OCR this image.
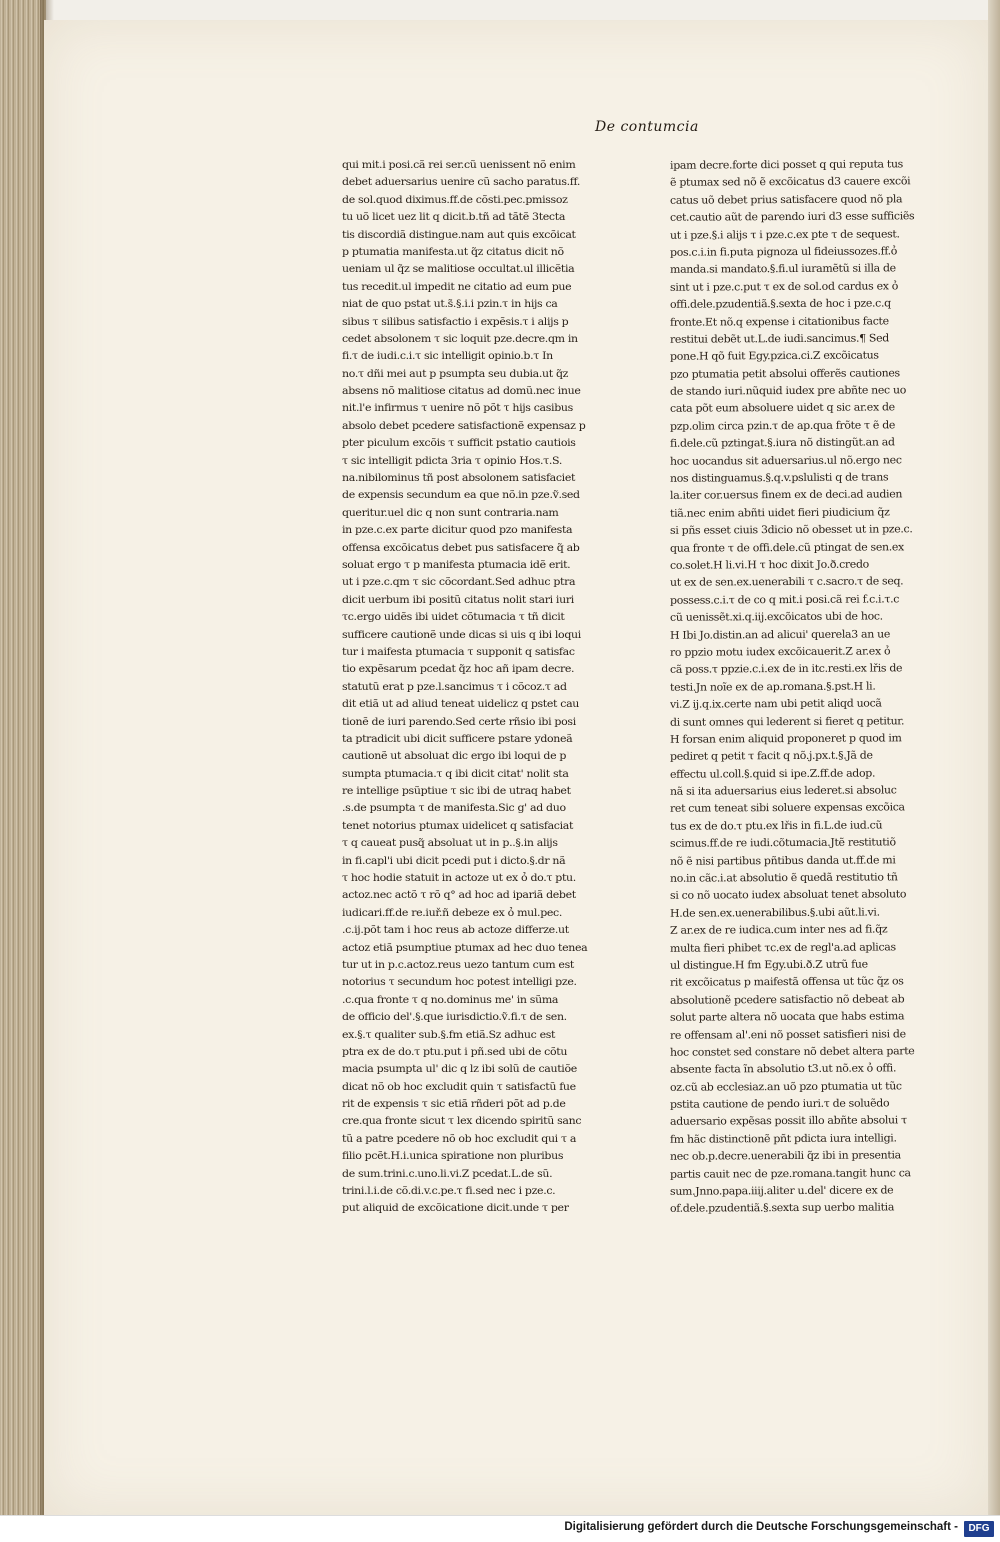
De contumcia
qui mit.i posi.cã rei ser.cũ uenissent nõ enim
debet aduersarius uenire cũ sacho paratus.ff.
de sol.quod diximus.ff.de cõsti.pec.pmissoz
tu uõ licet uez lit q dicit.b.tñ ad tãtẽ 3tecta
tis discordiã distingue.nam aut quis excõicat
p ptumatia manifesta.ut q̃z citatus dicit nõ
ueniam ul q̃z se malitiose occultat.ul illicẽtia
tus recedit.ul impedit ne citatio ad eum pue
niat de quo pstat ut.s̃.§.i.i pzin.τ in hijs ca
sibus τ silibus satisfactio i expẽsis.τ i alijs p
cedet absolonem τ sic loquit pze.decre.qm in
fi.τ de iudi.c.i.τ sic intelligit opinio.b.τ In
no.τ dñi mei aut p psumpta seu dubia.ut q̃z
absens nõ malitiose citatus ad domũ.nec inue
nit.l'e infirmus τ uenire nõ põt τ hijs casibus
absolo debet pcedere satisfactionẽ expensaz p
pter piculum excõis τ sufficit pstatio cautiois
τ sic intelligit pdicta 3ria τ opinio Hos.τ.S.
na.nibilominus tñ post absolonem satisfaciet
de expensis secundum ea que nõ.in pze.ṽ.sed
queritur.uel dic q non sunt contraria.nam
in pze.c.ex parte dicitur quod pzo manifesta
offensa excõicatus debet pus satisfacere q̃ ab
soluat ergo τ p manifesta ptumacia idẽ erit.
ut i pze.c.qm τ sic cõcordant.Sed adhuc ptra
dicit uerbum ibi positũ citatus nolit stari iuri
τc.ergo uidẽs ibi uidet cõtumacia τ tñ dicit
sufficere cautionẽ unde dicas si uis q ibi loqui
tur i maifesta ptumacia τ supponit q satisfac
tio expẽsarum pcedat q̃z hoc añ ipam decre.
statutũ erat p pze.l.sancimus τ i cõcoz.τ ad
dit etiã ut ad aliud teneat uidelicz q pstet cau
tionẽ de iuri parendo.Sed certe rñsio ibi posi
ta ptradicit ubi dicit sufficere pstare ydoneã
cautionẽ ut absoluat dic ergo ibi loqui de p
sumpta ptumacia.τ q ibi dicit citat' nolit sta
re intellige psũptiue τ sic ibi de utraq habet
.s.de psumpta τ de manifesta.Sic g' ad duo
tenet notorius ptumax uidelicet q satisfaciat
τ q caueat pusq̃ absoluat ut in p..§.in alijs
in fi.capl'i ubi dicit pcedi put i dicto.§.dr nã
τ hoc hodie statuit in actoze ut ex ỏ do.τ ptu.
actoz.nec actõ τ rõ q° ad hoc ad ipariã debet
iudicari.ff.de re.iuř.ñ debeze ex ỏ mul.pec.
.c.ij.põt tam i hoc reus ab actoze differze.ut
actoz etiã psumptiue ptumax ad hec duo tenea
tur ut in p.c.actoz.reus uezo tantum cum est
notorius τ secundum hoc potest intelligi pze.
.c.qua fronte τ q no.dominus me' in sũma
de officio del'.§.que iurisdictio.ṽ.fi.τ de sen.
ex.§.τ qualiter sub.§.fm etiã.Sz adhuc est
ptra ex de do.τ ptu.put i pñ.sed ubi de cõtu
macia psumpta ul' dic q lz ibi solũ de cautiõe
dicat nõ ob hoc excludit quin τ satisfactũ fue
rit de expensis τ sic etiã rñderi põt ad p.de
cre.qua fronte sicut τ lex dicendo spiritũ sanc
tũ a patre pcedere nõ ob hoc excludit qui τ a
filio pcẽt.H.i.unica spiratione non pluribus
de sum.trini.c.uno.li.vi.Z pcedat.L.de sũ.
trini.l.i.de cõ.di.v.c.pe.τ fi.sed nec i pze.c.
put aliquid de excõicatione dicit.unde τ per
ipam decre.forte dici posset q qui reputa tus
ẽ ptumax sed nõ ẽ excõicatus d3 cauere excõi
catus uõ debet prius satisfacere quod nõ pla
cet.cautio aũt de parendo iuri d3 esse sufficiẽs
ut i pze.§.i alijs τ i pze.c.ex pte τ de sequest.
pos.c.i.in fi.puta pignoza ul fideiussozes.ff.ỏ
manda.si mandato.§.fi.ul iuramẽtũ si illa de
sint ut i pze.c.put τ ex de sol.od cardus ex ỏ
offi.dele.pzudentiã.§.sexta de hoc i pze.c.q
fronte.Et nõ.q expense i citationibus facte
restitui debẽt ut.L.de iudi.sancimus.¶ Sed
pone.H qõ fuit Egy.pzica.ci.Z excõicatus
pzo ptumatia petit absolui offerẽs cautiones
de stando iuri.nũquid iudex pre abñte nec uo
cata põt eum absoluere uidet q sic ar.ex de
pzp.olim circa pzin.τ de ap.qua frõte τ ẽ de
fi.dele.cũ pztingat.§.iura nõ distingũt.an ad
hoc uocandus sit aduersarius.ul nõ.ergo nec
nos distinguamus.§.q.v.pslulisti q de trans
la.iter cor.uersus finem ex de deci.ad audien
tiã.nec enim abñti uidet fieri piudicium q̃z
si pñs esset ciuis 3dicio nõ obesset ut in pze.c.
qua fronte τ de offi.dele.cũ ptingat de sen.ex
co.solet.H li.vi.H τ hoc dixit Jo.ð.credo
ut ex de sen.ex.uenerabili τ c.sacro.τ de seq.
possess.c.i.τ de co q mit.i posi.cã rei f.c.i.τ.c
cũ uenissẽt.xi.q.iij.excõicatos ubi de hoc.
H Ibi Jo.distin.an ad alicui' querela3 an ue
ro ppzio motu iudex excõicauerit.Z ar.ex ỏ
cã poss.τ ppzie.c.i.ex de in itc.resti.ex lřis de
testi.Jn noĩe ex de ap.romana.§.pst.H li.
vi.Z ij.q.ix.certe nam ubi petit aliqd uocã
di sunt omnes qui lederent si fieret q petitur.
H forsan enim aliquid proponeret p quod im
pediret q petit τ facit q nõ.j.px.t.§.Jã de
effectu ul.coll.§.quid si ipe.Z.ff.de adop.
nã si ita aduersarius eius lederet.si absoluc
ret cum teneat sibi soluere expensas excõica
tus ex de do.τ ptu.ex lřis in fi.L.de iud.cũ
scimus.ff.de re iudi.cõtumacia.Jtẽ restitutiõ
nõ ẽ nisi partibus pñtibus danda ut.ff.de mi
no.in cãc.i.at absolutio ẽ quedã restitutio tñ
si co nõ uocato iudex absoluat tenet absoluto
H.de sen.ex.uenerabilibus.§.ubi aũt.li.vi.
Z ar.ex de re iudica.cum inter nes ad fi.q̃z
multa fieri phibet τc.ex de regl'a.ad aplicas
ul distingue.H fm Egy.ubi.ð.Z utrũ fue
rit excõicatus p maifestã offensa ut tũc q̃z os
absolutionẽ pcedere satisfactio nõ debeat ab
solut parte altera nõ uocata que habs estima
re offensam al'.eni nõ posset satisfieri nisi de
hoc constet sed constare nõ debet altera parte
absente facta ĩn absolutio t3.ut nõ.ex ỏ offi.
oz.cũ ab ecclesiaz.an uõ pzo ptumatia ut tũc
pstita cautione de pendo iuri.τ de soluẽdo
aduersario expẽsas possit illo abñte absolui τ
fm hãc distinctionẽ pñt pdicta iura intelligi.
nec ob.p.decre.uenerabili q̃z ibi in presentia
partis cauit nec de pze.romana.tangit hunc ca
sum.Jnno.papa.iiij.aliter u.del' dicere ex de
of.dele.pzudentiã.§.sexta sup uerbo malitia
Digitalisierung gefördert durch die Deutsche Forschungsgemeinschaft -	DFG
